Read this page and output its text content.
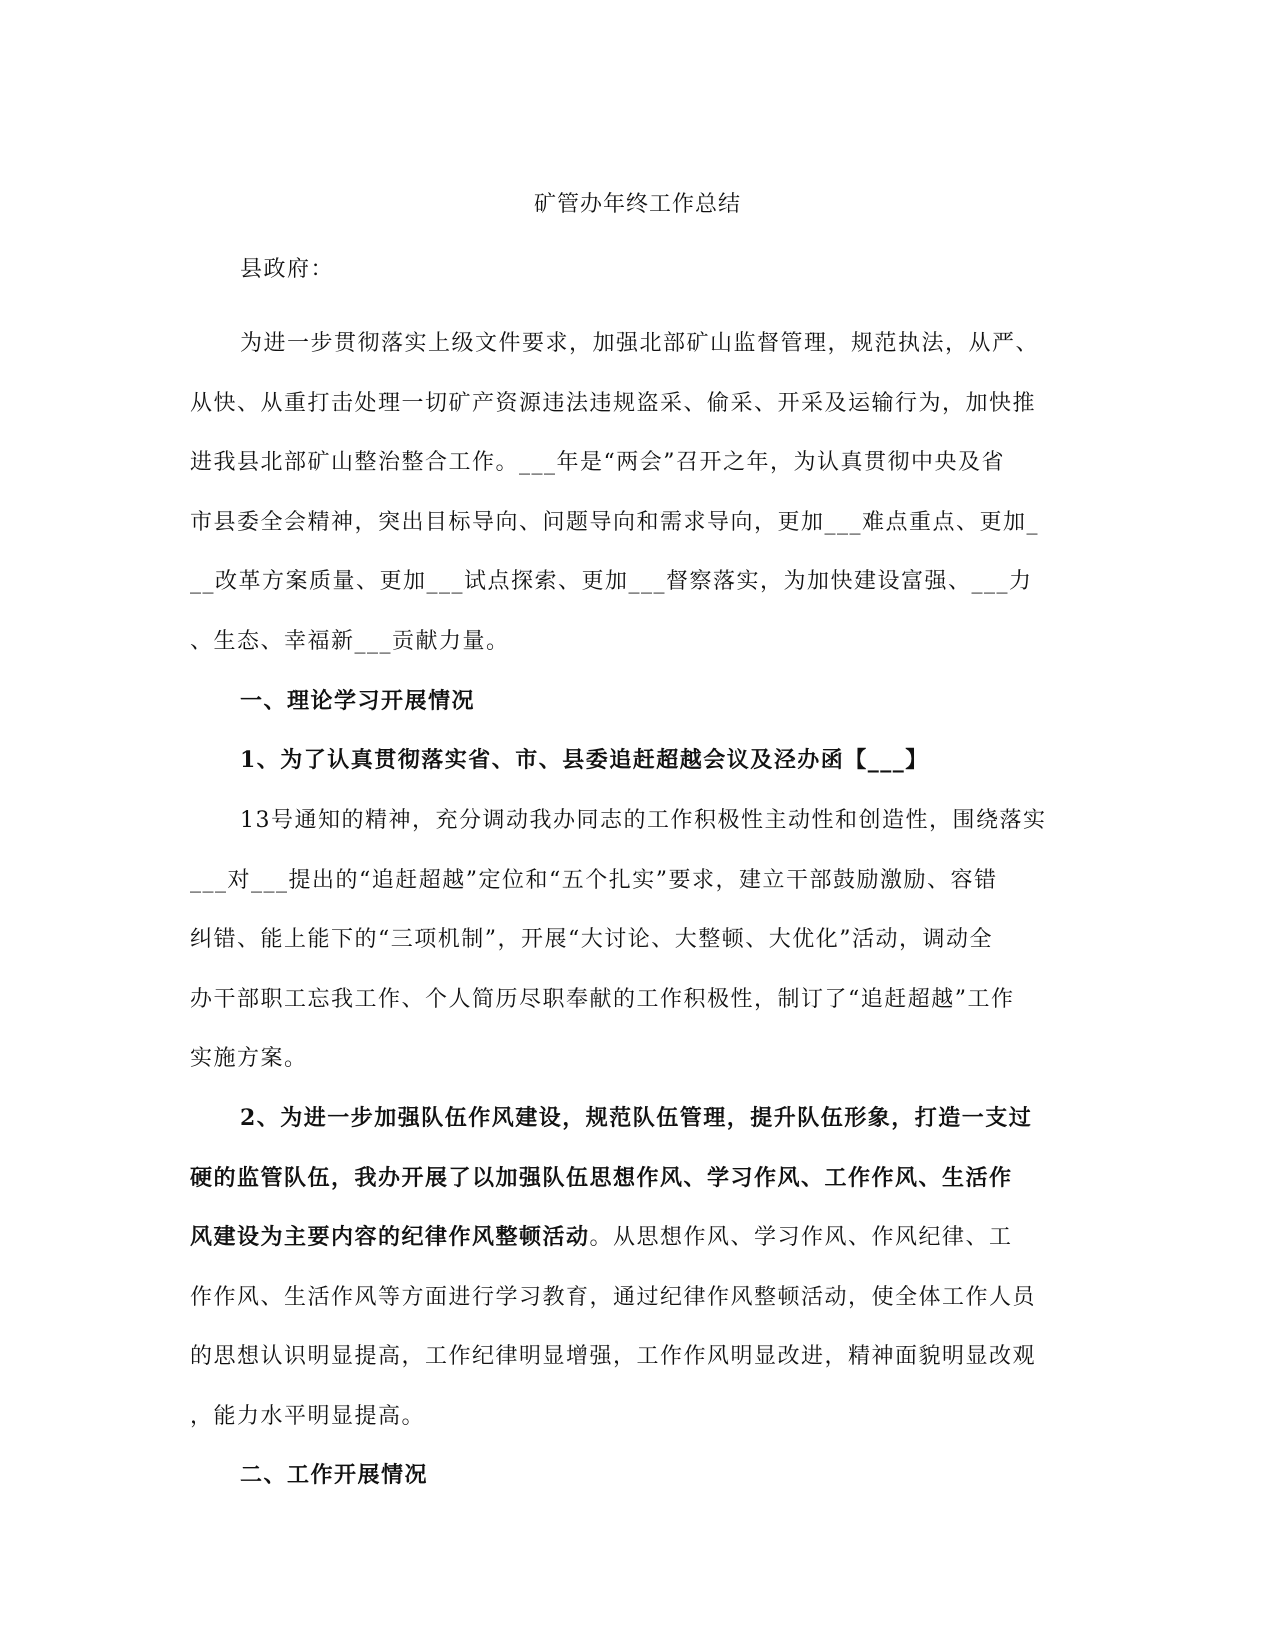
矿管办年终工作总结
县政府：
为进一步贯彻落实上级文件要求，加强北部矿山监督管理，规范执法，从严、
从快、从重打击处理一切矿产资源违法违规盗采、偷采、开采及运输行为，加快推
进我县北部矿山整治整合工作。___年是“两会”召开之年，为认真贯彻中央及省
市县委全会精神，突出目标导向、问题导向和需求导向，更加___难点重点、更加_
__改革方案质量、更加___试点探索、更加___督察落实，为加快建设富强、___力
、生态、幸福新___贡献力量。
一、理论学习开展情况
1、为了认真贯彻落实省、市、县委追赶超越会议及泾办函【___】
13号通知的精神，充分调动我办同志的工作积极性主动性和创造性，围绕落实
___对___提出的“追赶超越”定位和“五个扎实”要求，建立干部鼓励激励、容错
纠错、能上能下的“三项机制”，开展“大讨论、大整顿、大优化”活动，调动全
办干部职工忘我工作、个人简历尽职奉献的工作积极性，制订了“追赶超越”工作
实施方案。
2、为进一步加强队伍作风建设，规范队伍管理，提升队伍形象，打造一支过
硬的监管队伍，我办开展了以加强队伍思想作风、学习作风、工作作风、生活作
风建设为主要内容的纪律作风整顿活动。从思想作风、学习作风、作风纪律、工
作作风、生活作风等方面进行学习教育，通过纪律作风整顿活动，使全体工作人员
的思想认识明显提高，工作纪律明显增强，工作作风明显改进，精神面貌明显改观
，能力水平明显提高。
二、工作开展情况
